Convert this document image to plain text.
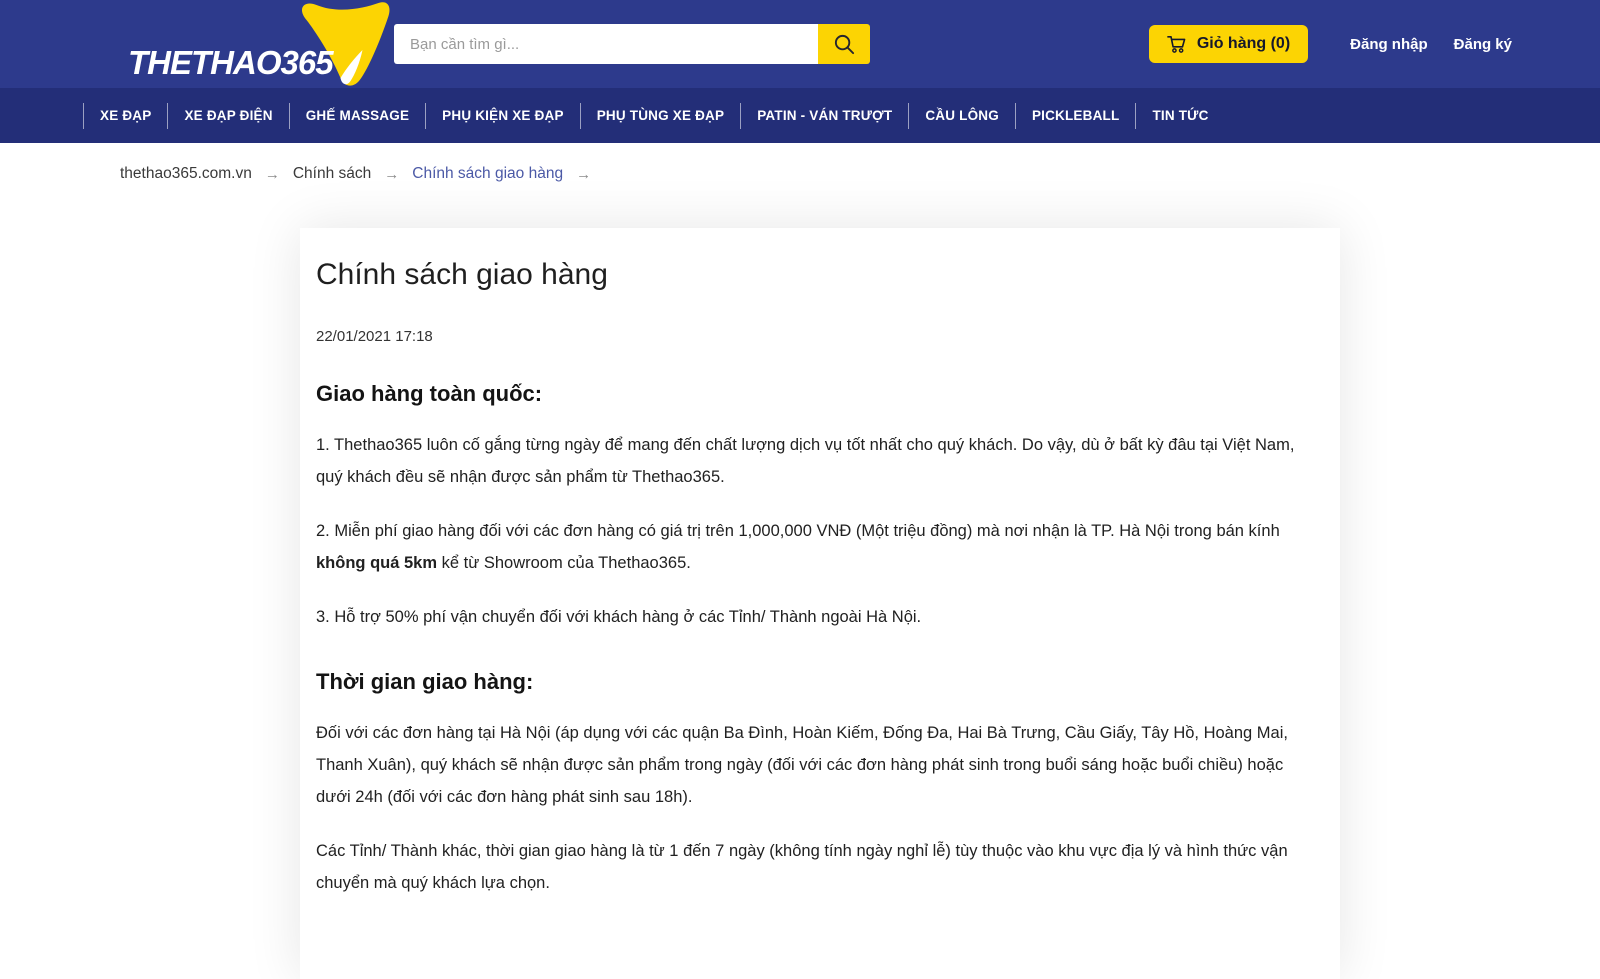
THETHAO365
Bạn cần tìm gì...
Giỏ hàng (0)	Đăng nhập Đăng ký
XE ĐẠP	XE ĐẠP ĐIỆN	GHẾ MASSAGE	PHỤ KIỆN XE ĐẠP	PHỤ TÙNG XE ĐẠP	PATIN - VÁN TRƯỢT	CẦU LÔNG	PICKLEBALL	TIN TỨC
thethao365.com.vn → Chính sách → Chính sách giao hàng →
Chính sách giao hàng
22/01/2021 17:18
Giao hàng toàn quốc:

1. Thethao365 luôn cố gắng từng ngày để mang đến chất lượng dịch vụ tốt nhất cho quý khách. Do vậy, dù ở bất kỳ đâu tại Việt Nam, quý khách đều sẽ nhận được sản phẩm từ Thethao365.

2. Miễn phí giao hàng đối với các đơn hàng có giá trị trên 1,000,000 VNĐ (Một triệu đồng) mà nơi nhận là TP. Hà Nội trong bán kính không quá 5km kể từ Showroom của Thethao365.

3. Hỗ trợ 50% phí vận chuyển đối với khách hàng ở các Tỉnh/ Thành ngoài Hà Nội.

Thời gian giao hàng:

Đối với các đơn hàng tại Hà Nội (áp dụng với các quận Ba Đình, Hoàn Kiếm, Đống Đa, Hai Bà Trưng, Cầu Giấy, Tây Hồ, Hoàng Mai, Thanh Xuân), quý khách sẽ nhận được sản phẩm trong ngày (đối với các đơn hàng phát sinh trong buổi sáng hoặc buổi chiều) hoặc dưới 24h (đối với các đơn hàng phát sinh sau 18h).

Các Tỉnh/ Thành khác, thời gian giao hàng là từ 1 đến 7 ngày (không tính ngày nghỉ lễ) tùy thuộc vào khu vực địa lý và hình thức vận chuyển mà quý khách lựa chọn.
